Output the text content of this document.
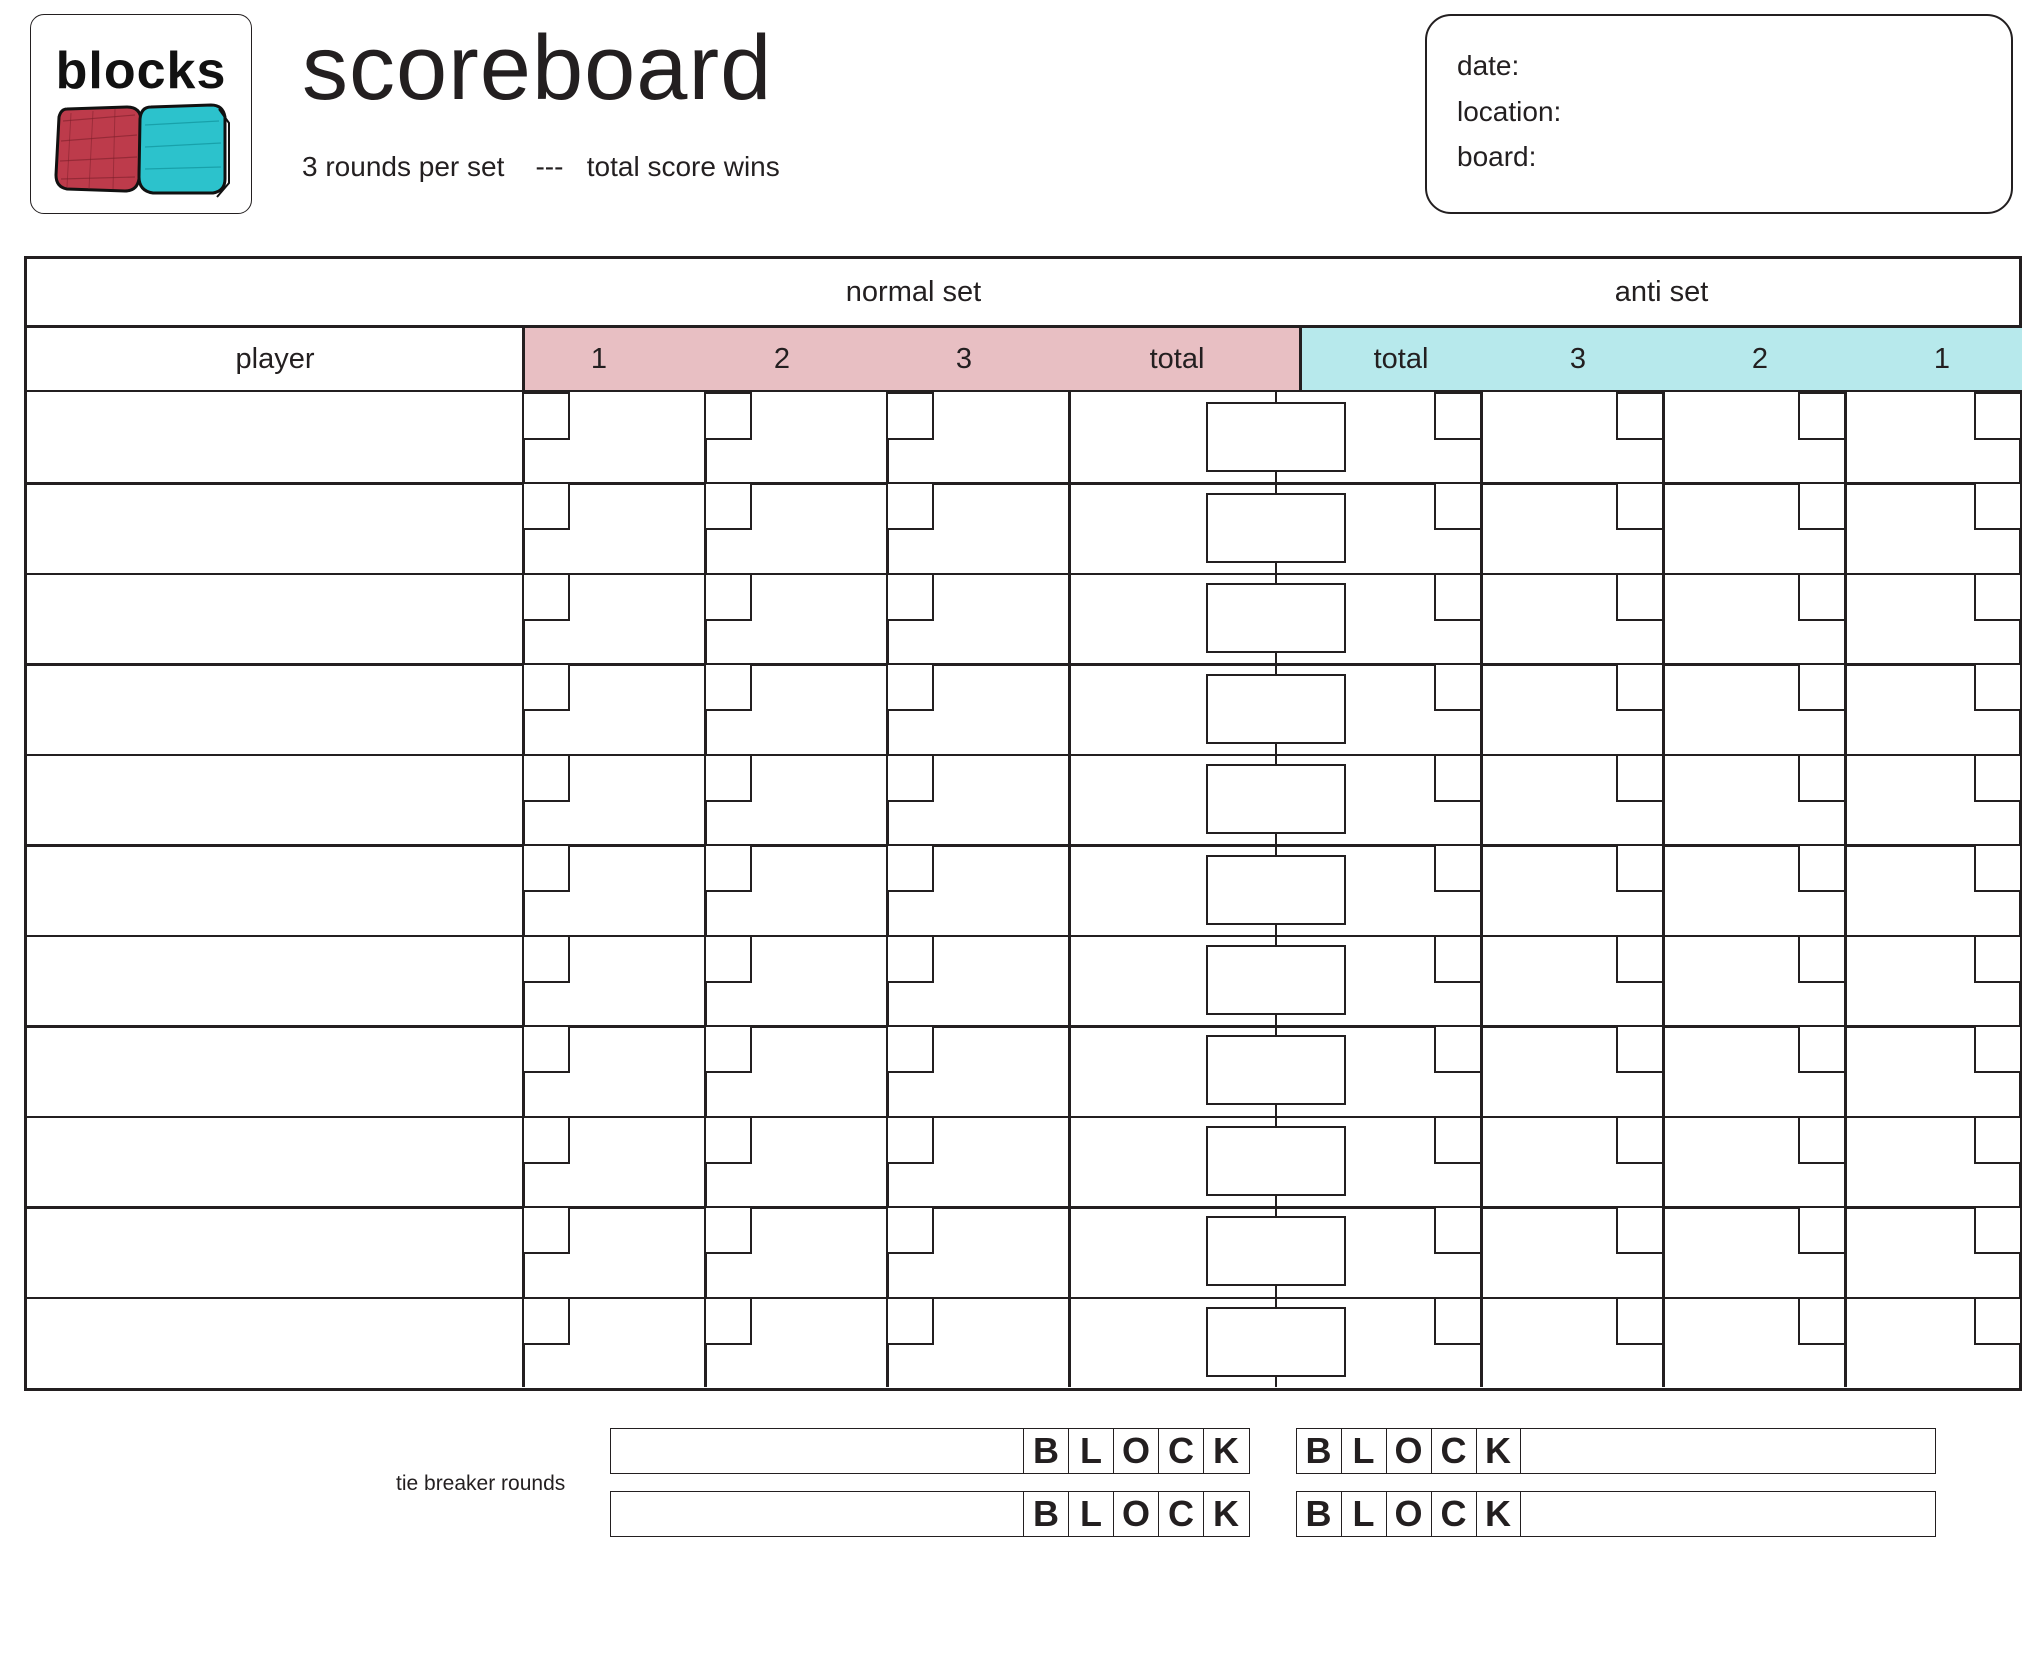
blocks scoreboard
3 rounds per set    ---   total score wins
date:
location:
board:
normal set	anti set
player	1	2	3	total	total	3	2	1
tie breaker rounds
B L O C K B L O C K
B L O C K B L O C K
